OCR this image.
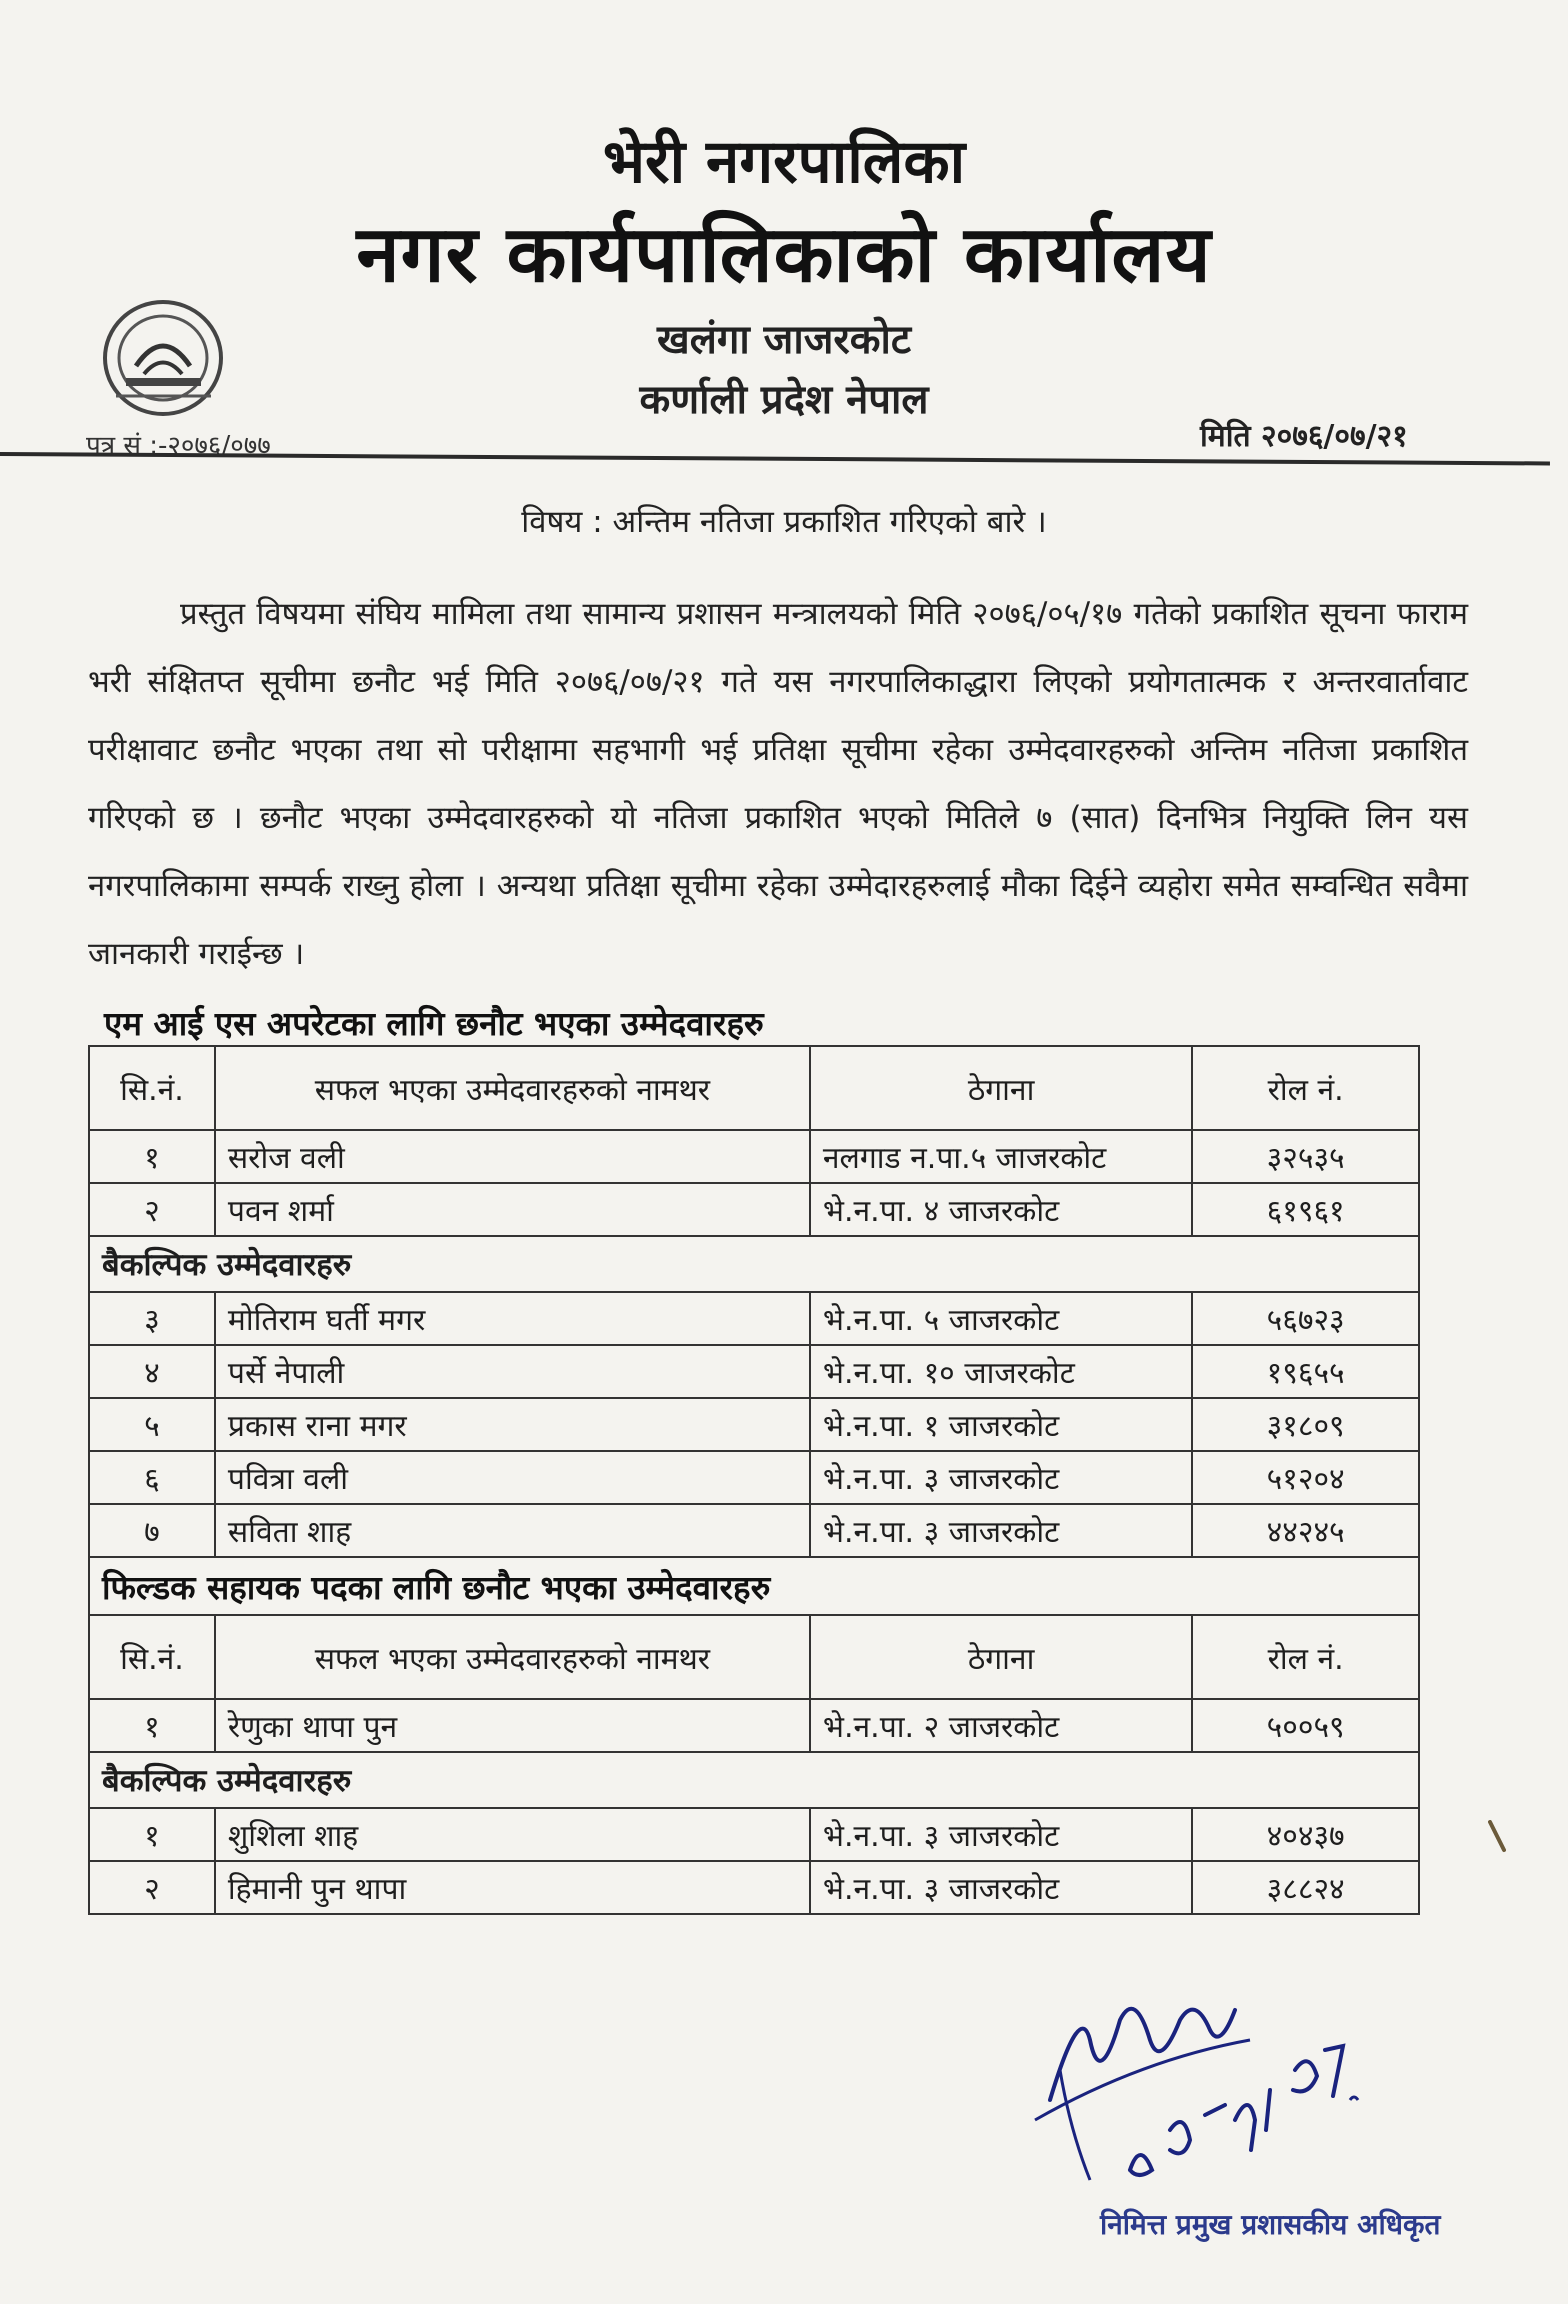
भेरी नगरपालिका
नगर कार्यपालिकाको कार्यालय
खलंगा जाजरकोट
कर्णाली प्रदेश नेपाल
पत्र सं :-२०७६/०७७	मिति २०७६/०७/२१
विषय : अन्तिम नतिजा प्रकाशित गरिएको बारे ।
प्रस्तुत विषयमा संघिय मामिला तथा सामान्य प्रशासन मन्त्रालयको मिति २०७६/०५/१७ गतेको प्रकाशित सूचना फाराम भरी संक्षितप्त सूचीमा छनौट भई मिति २०७६/०७/२१ गते यस नगरपालिकाद्धारा लिएको प्रयोगतात्मक र अन्तरवार्तावाट परीक्षावाट छनौट भएका तथा सो परीक्षामा सहभागी भई प्रतिक्षा सूचीमा रहेका उम्मेदवारहरुको अन्तिम नतिजा प्रकाशित गरिएको छ । छनौट भएका उम्मेदवारहरुको यो नतिजा प्रकाशित भएको मितिले ७ (सात) दिनभित्र नियुक्ति लिन यस नगरपालिकामा सम्पर्क राख्नु होला । अन्यथा प्रतिक्षा सूचीमा रहेका उम्मेदारहरुलाई मौका दिईने व्यहोरा समेत सम्वन्धित सवैमा जानकारी गराईन्छ ।
एम आई एस अपरेटका लागि छनौट भएका उम्मेदवारहरु
सि.नं.	सफल भएका उम्मेदवारहरुको नामथर	ठेगाना	रोल नं.
१	सरोज वली	नलगाड न.पा.५ जाजरकोट	३२५३५
२	पवन शर्मा	भे.न.पा. ४ जाजरकोट	६१९६१
बैकल्पिक उम्मेदवारहरु			
३	मोतिराम घर्ती मगर	भे.न.पा. ५ जाजरकोट	५६७२३
४	पर्से नेपाली	भे.न.पा. १० जाजरकोट	१९६५५
५	प्रकास राना मगर	भे.न.पा. १ जाजरकोट	३१८०९
६	पवित्रा वली	भे.न.पा. ३ जाजरकोट	५१२०४
७	सविता शाह	भे.न.पा. ३ जाजरकोट	४४२४५
फिल्डक सहायक पदका लागि छनौट भएका उम्मेदवारहरु			
सि.नं.	सफल भएका उम्मेदवारहरुको नामथर	ठेगाना	रोल नं.
१	रेणुका थापा पुन	भे.न.पा. २ जाजरकोट	५००५९
बैकल्पिक उम्मेदवारहरु			
१	शुशिला शाह	भे.न.पा. ३ जाजरकोट	४०४३७
२	हिमानी पुन थापा	भे.न.पा. ३ जाजरकोट	३८८२४
निमित्त प्रमुख प्रशासकीय अधिकृत
